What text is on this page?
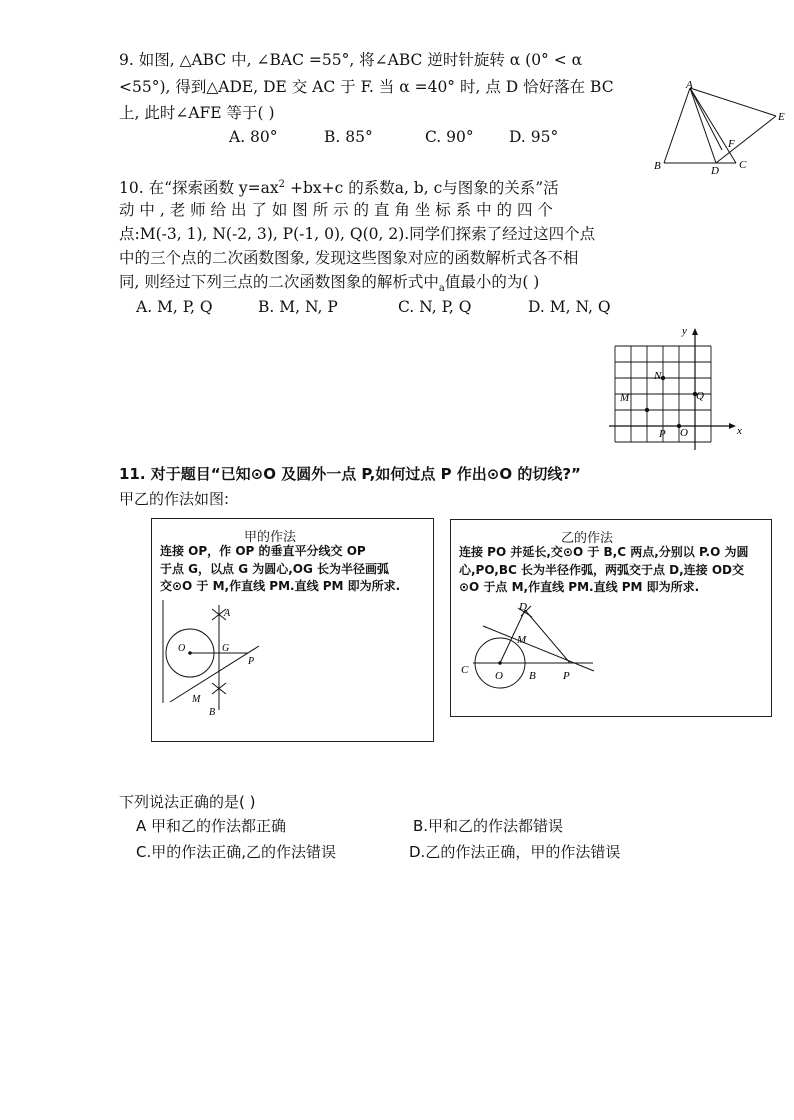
9. 如图, △ABC 中, ∠BAC =55°, 将∠ABC 逆时针旋转 α (0° < α
<55°), 得到△ADE, DE 交 AC 于 F. 当 α =40° 时, 点 D 恰好落在 BC
上, 此时∠AFE 等于( )
A. 80°	B. 85°	C. 90° D. 95°
A
B	C
D
E
F
10. 在“探索函数 $y=ax^2 +bx+c$ 的系数a, b, c与图象的关系”活
动 中 , 老 师 给 出 了 如 图 所 示 的 直 角 坐 标 系 中 的 四 个
点:M(-3, 1), N(-2, 3), P(-1, 0), Q(0, 2).同学们探索了经过这四个点
中的三个点的二次函数图象, 发现这些图象对应的函数解析式各不相
同, 则经过下列三点的二次函数图象的解析式中$_a$值最小的为( )
A. M, P, Q	B. M, N, P	C. N, P, Q	D. M, N, Q
x
y
M
N
P
Q
O
11. 对于题目“已知⊙O 及圆外一点 P,如何过点 P 作出⊙O 的切线?”
甲乙的作法如图:
甲的作法
连接 OP，作 OP 的垂直平分线交 OP
于点 G，以点 G 为圆心,OG 长为半径画弧
交⊙O 于 M,作直线 PM.直线 PM 即为所求.
A
B
O	G
P
M
乙的作法
连接 PO 并延长,交⊙O 于 B,C 两点,分别以 P.O 为圆
心,PO,BC 长为半径作弧，两弧交于点 D,连接 OD交
⊙O 于点 M,作直线 PM.直线 PM 即为所求.
C O B P
M
D
下列说法正确的是( )
A 甲和乙的作法都正确	B.甲和乙的作法都错误
C.甲的作法正确,乙的作法错误	D.乙的作法正确，甲的作法错误
